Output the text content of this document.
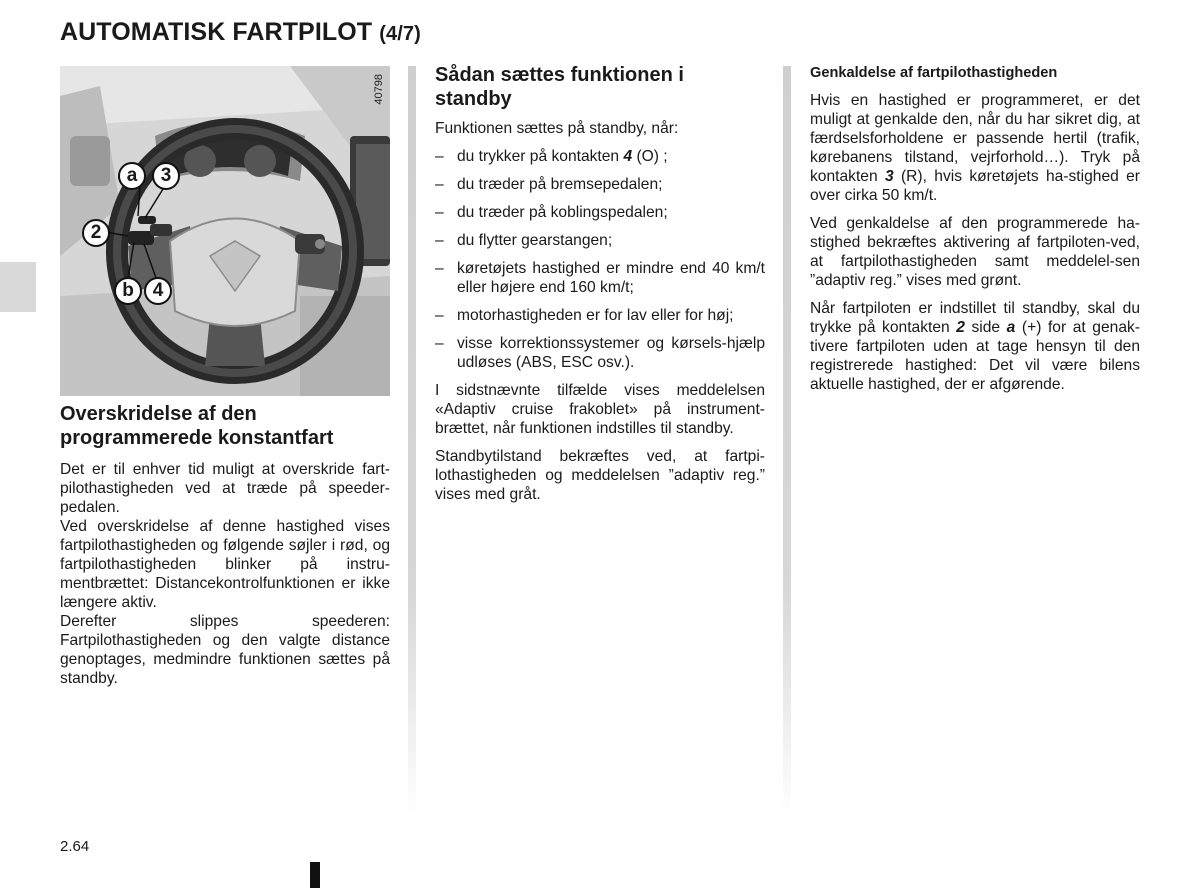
AUTOMATISK FARTPILOT (4/7)
40798
a	3
2
b 4
Overskridelse af den programmerede konstantfart

Det er til enhver tid muligt at overskride fart-pilothastigheden ved at træde på speeder-pedalen.

Ved overskridelse af denne hastighed vises fartpilothastigheden og følgende søjler i rød, og fartpilothastigheden blinker på instru-mentbrættet: Distancekontrolfunktionen er ikke længere aktiv.

Derefter slippes speederen: Fartpilothastigheden og den valgte distance genoptages, medmindre funktionen sættes på standby.

Sådan sættes funktionen i standby

Funktionen sættes på standby, når:

– du trykker på kontakten 4 (O) ;
– du træder på bremsepedalen;
– du træder på koblingspedalen;
– du flytter gearstangen;
– køretøjets hastighed er mindre end 40 km/t eller højere end 160 km/t;
– motorhastigheden er for lav eller for høj;
– visse korrektionssystemer og kørsels-hjælp udløses (ABS, ESC osv.).

I sidstnævnte tilfælde vises meddelelsen «Adaptiv cruise frakoblet» på instrument-brættet, når funktionen indstilles til standby.

Standbytilstand bekræftes ved, at fartpi-lothastigheden og meddelelsen ”adaptiv reg.” vises med gråt.

Genkaldelse af fartpilothastigheden

Hvis en hastighed er programmeret, er det muligt at genkalde den, når du har sikret dig, at færdselsforholdene er passende hertil (trafik, kørebanens tilstand, vejrforhold…). Tryk på kontakten 3 (R), hvis køretøjets ha-stighed er over cirka 50 km/t.

Ved genkaldelse af den programmerede ha-stighed bekræftes aktivering af fartpiloten-ved, at fartpilothastigheden samt meddelel-sen ”adaptiv reg.” vises med grønt.

Når fartpiloten er indstillet til standby, skal du trykke på kontakten 2 side a (+) for at genak-tivere fartpiloten uden at tage hensyn til den registrerede hastighed: Det vil være bilens aktuelle hastighed, der er afgørende.

2.64
